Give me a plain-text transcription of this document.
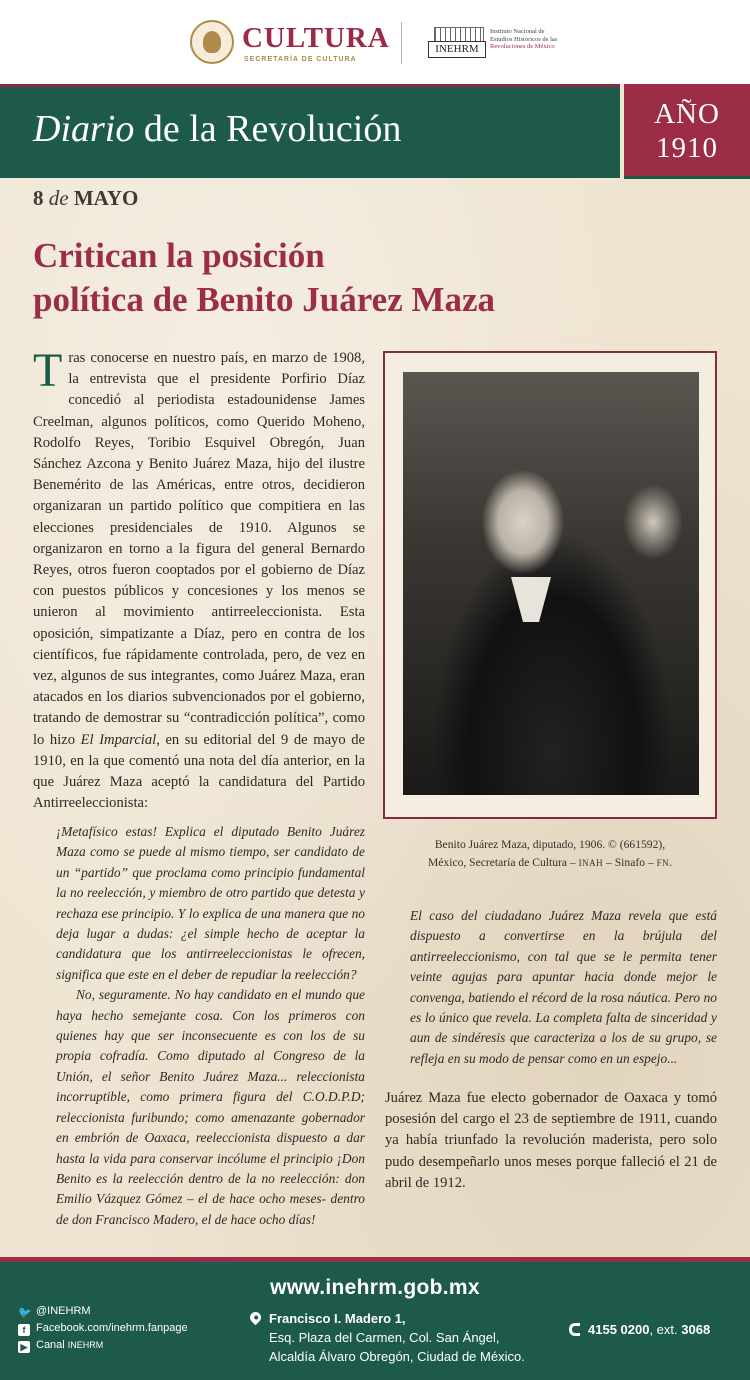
CULTURA
SECRETARÍA DE CULTURA
INEHRM
Instituto Nacional de
Estudios Históricos de las
Revoluciones de México
Diario de la Revolución	AÑO
1910
8 de MAYO
Critican la posición
política de Benito Juárez Maza
Tras conocerse en nuestro país, en marzo de 1908, la entrevista que el presidente Porfirio Díaz concedió al periodista estadounidense James Creelman, algunos políticos, como Querido Moheno, Rodolfo Reyes, Toribio Esquivel Obregón, Juan Sánchez Azcona y Benito Juárez Maza, hijo del ilustre Benemérito de las Américas, entre otros, decidieron organizaran un partido político que compitiera en las elecciones presidenciales de 1910. Algunos se organizaron en torno a la figura del general Bernardo Reyes, otros fueron cooptados por el gobierno de Díaz con puestos públicos y concesiones y los menos se unieron al movimiento antirreeleccionista. Esta oposición, simpatizante a Díaz, pero en contra de los científicos, fue rápidamente controlada, pero, de vez en vez, algunos de sus integrantes, como Juárez Maza, eran atacados en los diarios subvencionados por el gobierno, tratando de demostrar su “contradicción política”, como lo hizo El Imparcial, en su editorial del 9 de mayo de 1910, en la que comentó una nota del día anterior, en la que Juárez Maza aceptó la candidatura del Partido Antirreeleccionista:

¡Metafísico estas! Explica el diputado Benito Juárez Maza como se puede al mismo tiempo, ser candidato de un “partido” que proclama como principio fundamental la no reelección, y miembro de otro partido que detesta y rechaza ese principio. Y lo explica de una manera que no deja lugar a dudas: ¿el simple hecho de aceptar la candidatura que los antirreeleccionistas le ofrecen, significa que este en el deber de repudiar la reelección?

No, seguramente. No hay candidato en el mundo que haya hecho semejante cosa. Con los primeros con quienes hay que ser inconsecuente es con los de su propia cofradía. Como diputado al Congreso de la Unión, el señor Benito Juárez Maza... releccionista incorruptible, como primera figura del C.O.D.P.D; releccionista furibundo; como amenazante gobernador en embrión de Oaxaca, reeleccionista dispuesto a dar hasta la vida para conservar incólume el principio ¡Don Benito es la reelección dentro de la no reelección: don Emilio Vázquez Gómez – el de hace ocho meses- dentro de don Francisco Madero, el de hace ocho días!

Benito Juárez Maza, diputado, 1906. © (661592),
México, Secretaría de Cultura – INAH – Sinafo – FN.
El caso del ciudadano Juárez Maza revela que está dispuesto a convertirse en la brújula del antirreeleccionismo, con tal que se le permita tener veinte agujas para apuntar hacia donde mejor le convenga, batiendo el récord de la rosa náutica. Pero no es lo único que revela. La completa falta de sinceridad y aun de sindéresis que caracteriza a los de su grupo, se refleja en su modo de pensar como en un espejo...
Juárez Maza fue electo gobernador de Oaxaca y tomó posesión del cargo el 23 de septiembre de 1911, cuando ya había triunfado la revolución maderista, pero solo pudo desempeñarlo unos meses porque falleció el 21 de abril de 1912.
www.inehrm.gob.mx
🐦 @INEHRM
f Facebook.com/inehrm.fanpage
▶ Canal INEHRM
Francisco I. Madero 1,
Esq. Plaza del Carmen, Col. San Ángel,
Alcaldía Álvaro Obregón, Ciudad de México.
4155 0200, ext. 3068
